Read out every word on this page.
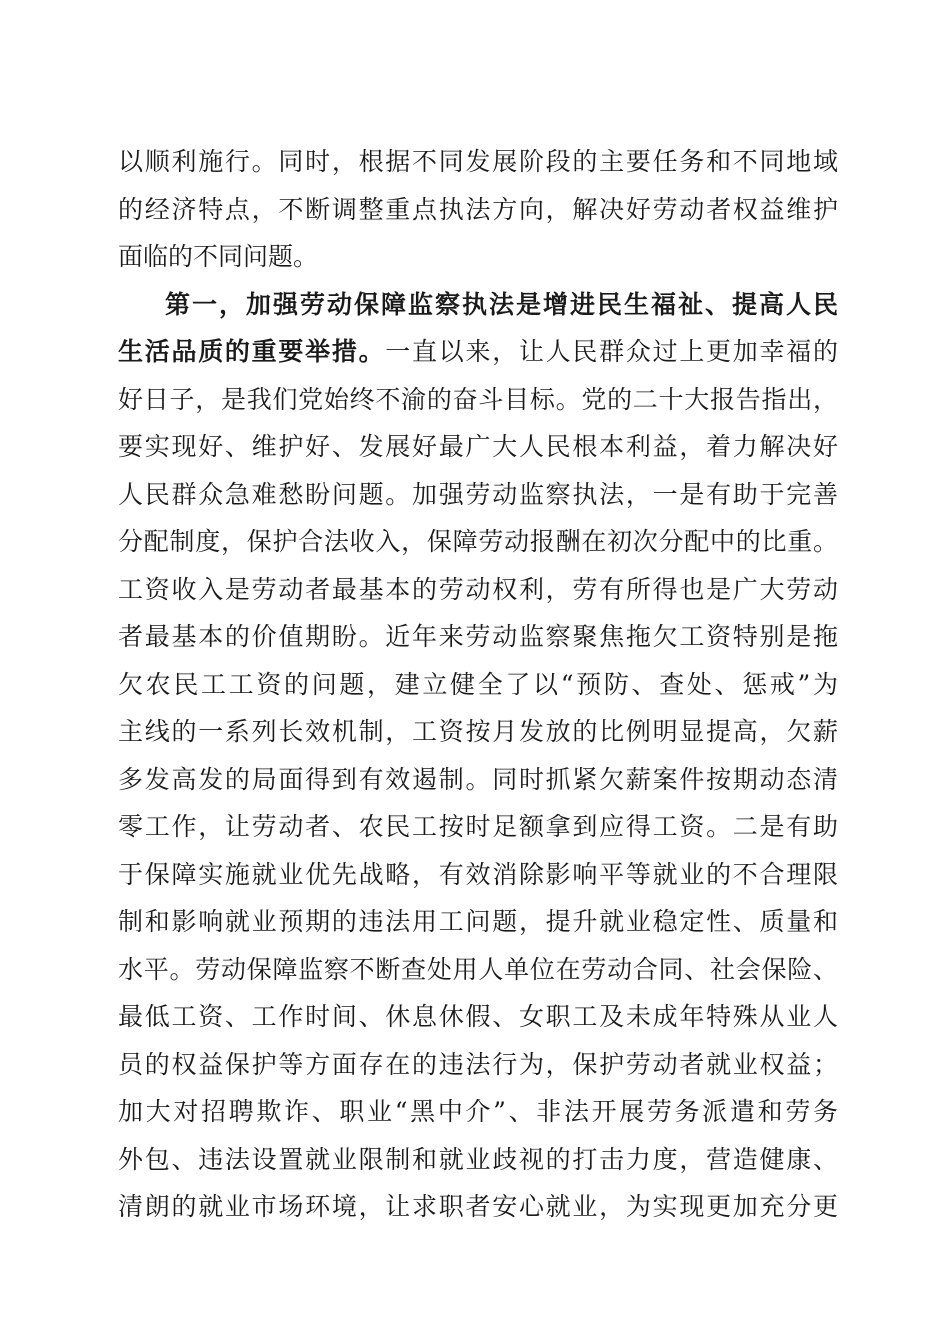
以顺利施行。同时，根据不同发展阶段的主要任务和不同地域
的经济特点，不断调整重点执法方向，解决好劳动者权益维护
面临的不同问题。
第一，加强劳动保障监察执法是增进民生福祉、提高人民
生活品质的重要举措。一直以来，让人民群众过上更加幸福的
好日子，是我们党始终不渝的奋斗目标。党的二十大报告指出，
要实现好、维护好、发展好最广大人民根本利益，着力解决好
人民群众急难愁盼问题。加强劳动监察执法，一是有助于完善
分配制度，保护合法收入，保障劳动报酬在初次分配中的比重。
工资收入是劳动者最基本的劳动权利，劳有所得也是广大劳动
者最基本的价值期盼。近年来劳动监察聚焦拖欠工资特别是拖
欠农民工工资的问题，建立健全了以“预防、查处、惩戒”为
主线的一系列长效机制，工资按月发放的比例明显提高，欠薪
多发高发的局面得到有效遏制。同时抓紧欠薪案件按期动态清
零工作，让劳动者、农民工按时足额拿到应得工资。二是有助
于保障实施就业优先战略，有效消除影响平等就业的不合理限
制和影响就业预期的违法用工问题，提升就业稳定性、质量和
水平。劳动保障监察不断查处用人单位在劳动合同、社会保险、
最低工资、工作时间、休息休假、女职工及未成年特殊从业人
员的权益保护等方面存在的违法行为，保护劳动者就业权益；
加大对招聘欺诈、职业“黑中介”、非法开展劳务派遣和劳务
外包、违法设置就业限制和就业歧视的打击力度，营造健康、
清朗的就业市场环境，让求职者安心就业，为实现更加充分更
